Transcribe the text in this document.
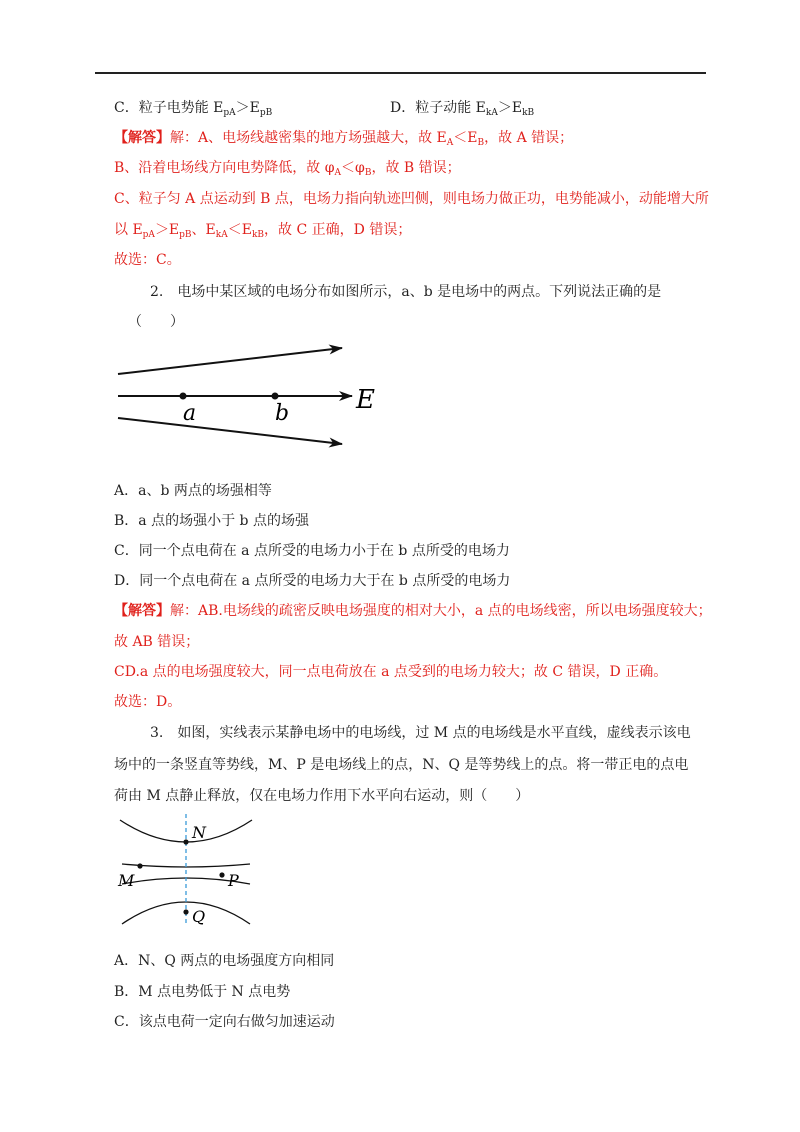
C．粒子电势能 $E_{pA}>E_{pB}$	D．粒子动能 $E_{kA}>E_{kB}$
【解答】解：A、电场线越密集的地方场强越大，故 $E_A<E_B$，故 A 错误；
B、沿着电场线方向电势降低，故 $\varphi_A<\varphi_B$，故 B 错误；
C、粒子匀 A 点运动到 B 点，电场力指向轨迹凹侧，则电场力做正功，电势能减小，动能增大所
以 $E_{pA}>E_{pB}$、$E_{kA}<E_{kB}$，故 C 正确，D 错误；
故选：C。
2.　电场中某区域的电场分布如图所示，a、b 是电场中的两点。下列说法正确的是
（　　）
a	b	E
A．a、b 两点的场强相等
B．a 点的场强小于 b 点的场强
C．同一个点电荷在 a 点所受的电场力小于在 b 点所受的电场力
D．同一个点电荷在 a 点所受的电场力大于在 b 点所受的电场力
【解答】解：AB.电场线的疏密反映电场强度的相对大小，a 点的电场线密，所以电场强度较大；
故 AB 错误；
CD.a 点的电场强度较大，同一点电荷放在 a 点受到的电场力较大；故 C 错误，D 正确。
故选：D。
3.　如图，实线表示某静电场中的电场线，过 M 点的电场线是水平直线，虚线表示该电
场中的一条竖直等势线，M、P 是电场线上的点，N、Q 是等势线上的点。将一带正电的点电
荷由 M 点静止释放，仅在电场力作用下水平向右运动，则（　　）
N
M	P
Q
A．N、Q 两点的电场强度方向相同
B．M 点电势低于 N 点电势
C．该点电荷一定向右做匀加速运动
